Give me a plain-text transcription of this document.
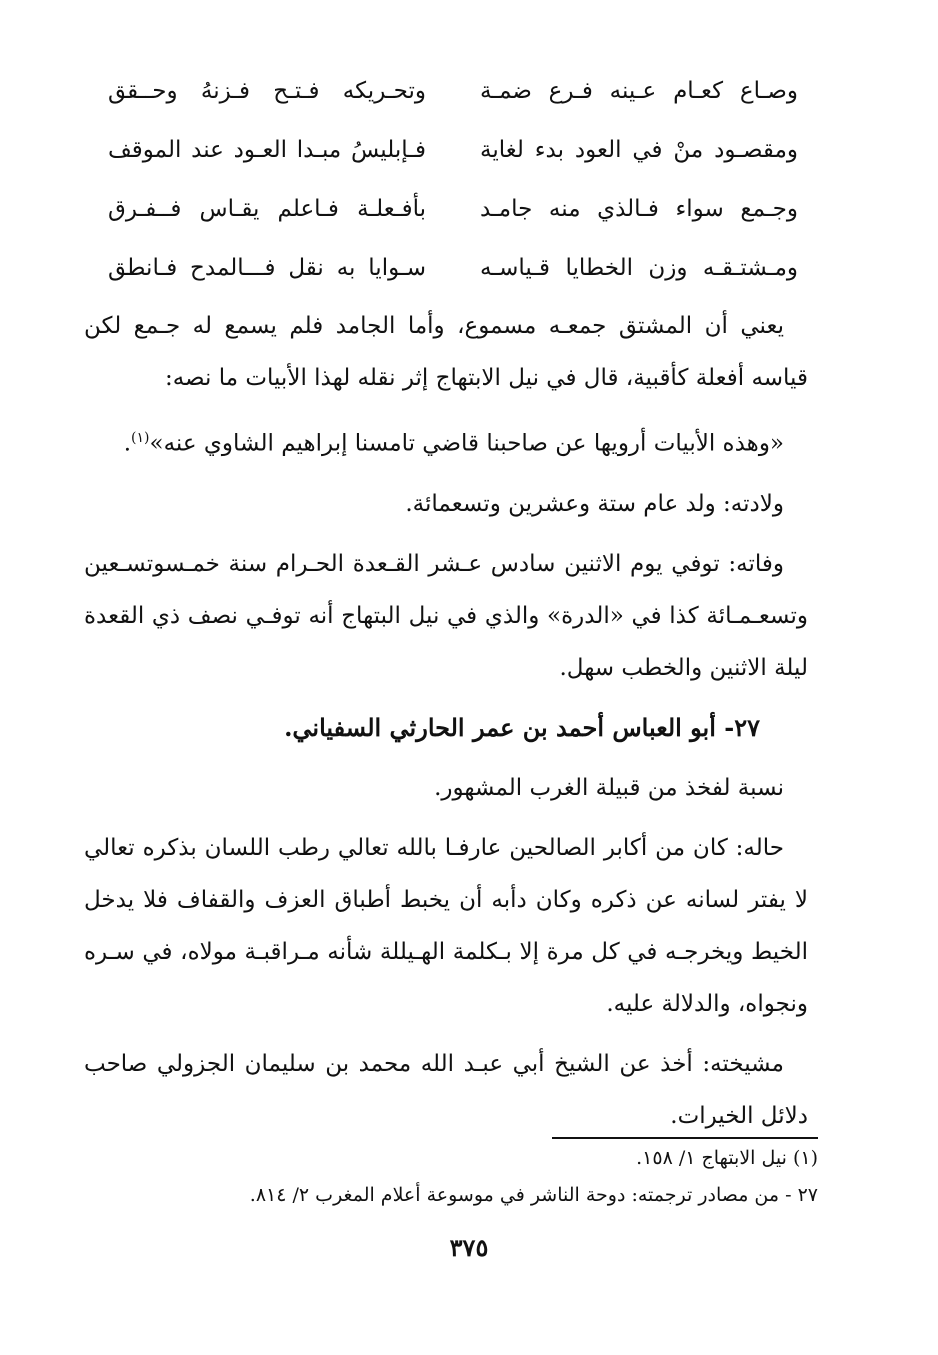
وصـاع كعـام عـينه فـرع ضمـة
وتحـريكه فـتـح فـزنهُ وحــقق
ومقصـود منْ في العود بدء لغاية
فـإبليسُ مبـدا العـود عند الموقف
وجـمع سواء فـالذي منه جامـد
بأفـعلـة فـاعلم يقـاس فــفـرق
ومـشتـقـه وزن الخطايا قـياسـه
سـوايا به نقل فـــالمدح فـانطق

يعني أن المشتق جمعـه مسموع، وأما الجامد فلم يسمع له جـمع لكن قياسه أفعلة كأقبية، قال في نيل الابتهاج إثر نقله لهذا الأبيات ما نصه:

«وهذه الأبيات أرويها عن صاحبنا قاضي تامسنا إبراهيم الشاوي عنه»$^{(١)}$.

ولادته: ولد عام ستة وعشرين وتسعمائة.

وفاته: توفي يوم الاثنين سادس عـشر القـعدة الحـرام سنة خمـسوتسـعين وتسعـمـائة كذا في «الدرة» والذي في نيل البتهاج أنه توفـي نصف ذي القعدة ليلة الاثنين والخطب سهل.

٢٧- أبو العباس أحمد بن عمر الحارثي السفياني.

نسبة لفخذ من قبيلة الغرب المشهور.

حاله: كان من أكابر الصالحين عارفـا بالله تعالي رطب اللسان بذكره تعالي لا يفتر لسانه عن ذكره وكان دأبه أن يخبط أطباق العزف والقفاف فلا يدخل الخيط ويخرجـه في كل مرة إلا بـكلمة الهـيللة شأنه مـراقبـة مولاه، في سـره ونجواه، والدلالة عليه.

مشيخته: أخذ عن الشيخ أبي عبـد الله محمد بن سليمان الجزولي صاحب دلائل الخيرات.

(١) نيل الابتهاج ١/ ١٥٨.

٢٧ - من مصادر ترجمته: دوحة الناشر في موسوعة أعلام المغرب ٢/ ٨١٤.

٣٧٥
